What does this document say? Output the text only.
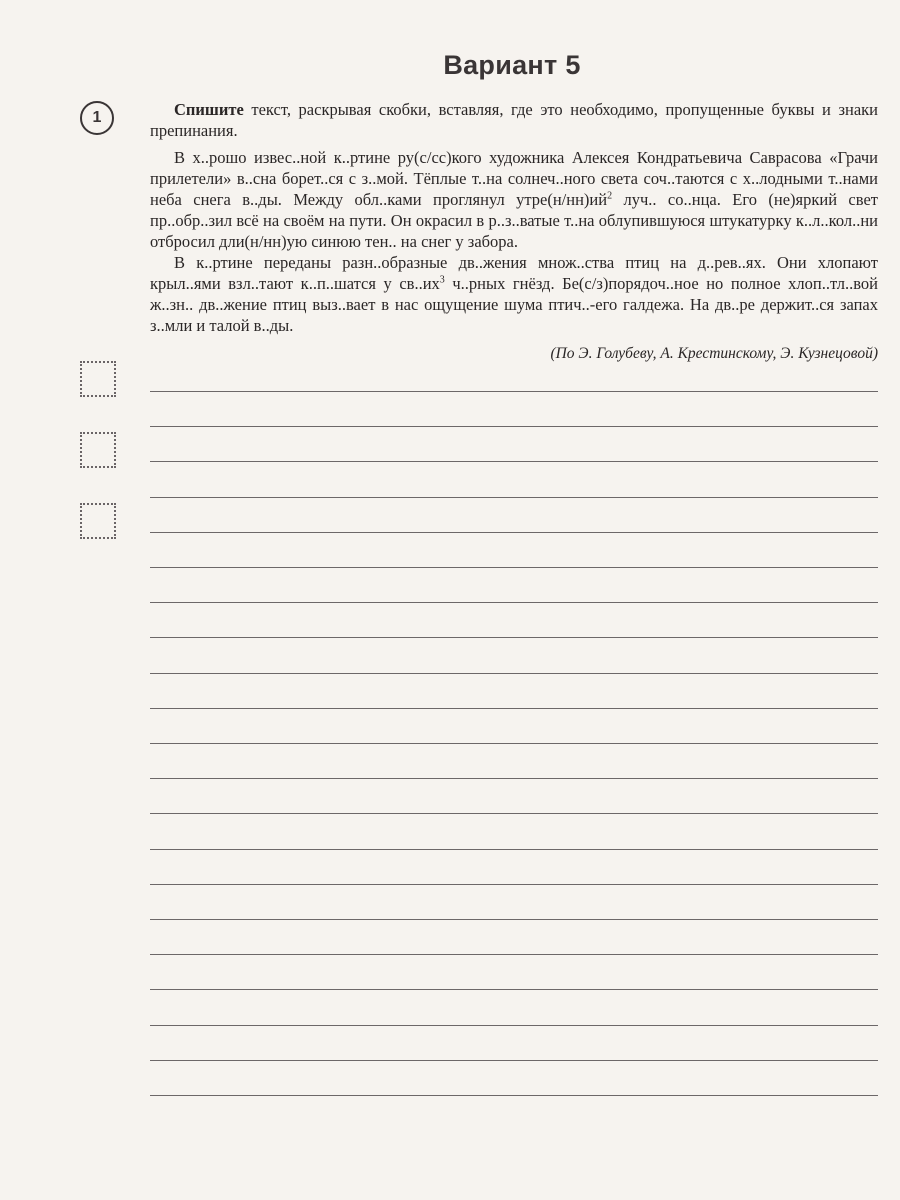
Вариант 5
1	Спишите текст, раскрывая скобки, вставляя, где это необходимо, пропущенные буквы и знаки препинания.

В х..рошо извес..ной к..ртине ру(с/сс)кого художника Алексея Кондратьевича Саврасова «Грачи прилетели» в..сна борет..ся с з..мой. Тёплые т..на солнеч..ного света соч..таются с х..лодными т..нами неба снега в..ды. Между обл..ками проглянул $утре(н/нн)ий^2$ луч.. со..нца. Его (не)яркий свет пр..обр..зил всё на своём на пути. Он окрасил в р..з..ватые т..на облупившуюся штукатурку к..л..кол..ни отбросил дли(н/нн)ую синюю тен.. на снег у забора.

В к..ртине переданы разн..образные дв..жения множ..ства птиц на д..рев..ях. Они хлопают крыл..ями взл..тают к..п..шатся у $св..их^3$ ч..рных гнёзд. Бе(с/з)порядоч..ное но полное хлоп..тл..вой ж..зн.. дв..жение птиц выз..вает в нас ощущение шума птич..-его галдежа. На дв..ре держит..ся запах з..мли и талой в..ды.

(По Э. Голубеву, А. Крестинскому, Э. Кузнецовой)
